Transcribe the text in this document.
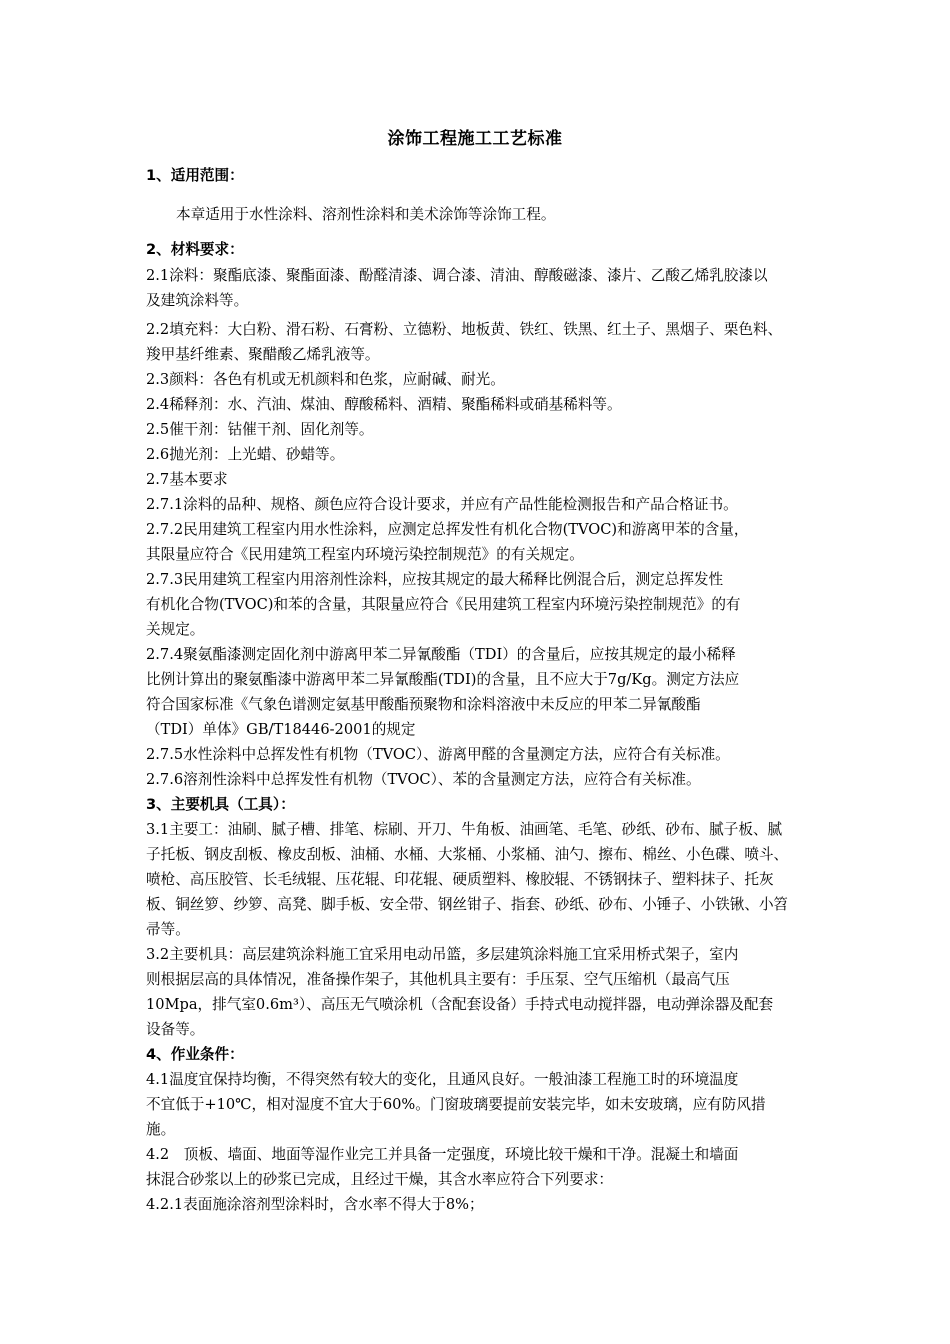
涂饰工程施工工艺标准
1、适用范围：
本章适用于水性涂料、溶剂性涂料和美术涂饰等涂饰工程。
2、材料要求：
2.1涂料：聚酯底漆、聚酯面漆、酚醛清漆、调合漆、清油、醇酸磁漆、漆片、乙酸乙烯乳胶漆以
及建筑涂料等。
2.2填充料：大白粉、滑石粉、石膏粉、立德粉、地板黄、铁红、铁黑、红土子、黑烟子、栗色料、
羧甲基纤维素、聚醋酸乙烯乳液等。
2.3颜料：各色有机或无机颜料和色浆，应耐碱、耐光。
2.4稀释剂：水、汽油、煤油、醇酸稀料、酒精、聚酯稀料或硝基稀料等。
2.5催干剂：钴催干剂、固化剂等。
2.6抛光剂：上光蜡、砂蜡等。
2.7基本要求
2.7.1涂料的品种、规格、颜色应符合设计要求，并应有产品性能检测报告和产品合格证书。
2.7.2民用建筑工程室内用水性涂料，应测定总挥发性有机化合物(TVOC)和游离甲苯的含量，
其限量应符合《民用建筑工程室内环境污染控制规范》的有关规定。
2.7.3民用建筑工程室内用溶剂性涂料，应按其规定的最大稀释比例混合后，测定总挥发性
有机化合物(TVOC)和苯的含量，其限量应符合《民用建筑工程室内环境污染控制规范》的有
关规定。
2.7.4聚氨酯漆测定固化剂中游离甲苯二异氰酸酯（TDI）的含量后，应按其规定的最小稀释
比例计算出的聚氨酯漆中游离甲苯二异氰酸酯(TDI)的含量，且不应大于7g/Kg。测定方法应
符合国家标准《气象色谱测定氨基甲酸酯预聚物和涂料溶液中未反应的甲苯二异氰酸酯
（TDI）单体》GB/T18446-2001的规定
2.7.5水性涂料中总挥发性有机物（TVOC）、游离甲醛的含量测定方法，应符合有关标准。
2.7.6溶剂性涂料中总挥发性有机物（TVOC）、苯的含量测定方法，应符合有关标准。
3、主要机具（工具）：
3.1主要工：油刷、腻子槽、排笔、棕刷、开刀、牛角板、油画笔、毛笔、砂纸、砂布、腻子板、腻
子托板、钢皮刮板、橡皮刮板、油桶、水桶、大浆桶、小浆桶、油勺、擦布、棉丝、小色碟、喷斗、
喷枪、高压胶管、长毛绒辊、压花辊、印花辊、硬质塑料、橡胶辊、不锈钢抹子、塑料抹子、托灰
板、铜丝箩、纱箩、高凳、脚手板、安全带、钢丝钳子、指套、砂纸、砂布、小锤子、小铁锹、小笤
帚等。
3.2主要机具：高层建筑涂料施工宜采用电动吊篮，多层建筑涂料施工宜采用桥式架子，室内
则根据层高的具体情况，准备操作架子，其他机具主要有：手压泵、空气压缩机（最高气压
10Mpa，排气室0.6m³）、高压无气喷涂机（含配套设备）手持式电动搅拌器，电动弹涂器及配套
设备等。
4、作业条件：
4.1温度宜保持均衡，不得突然有较大的变化，且通风良好。一般油漆工程施工时的环境温度
不宜低于+10℃，相对湿度不宜大于60%。门窗玻璃要提前安装完毕，如未安玻璃，应有防风措
施。
4.2　顶板、墙面、地面等湿作业完工并具备一定强度，环境比较干燥和干净。混凝土和墙面
抹混合砂浆以上的砂浆已完成，且经过干燥，其含水率应符合下列要求：
4.2.1表面施涂溶剂型涂料时，含水率不得大于8%；
